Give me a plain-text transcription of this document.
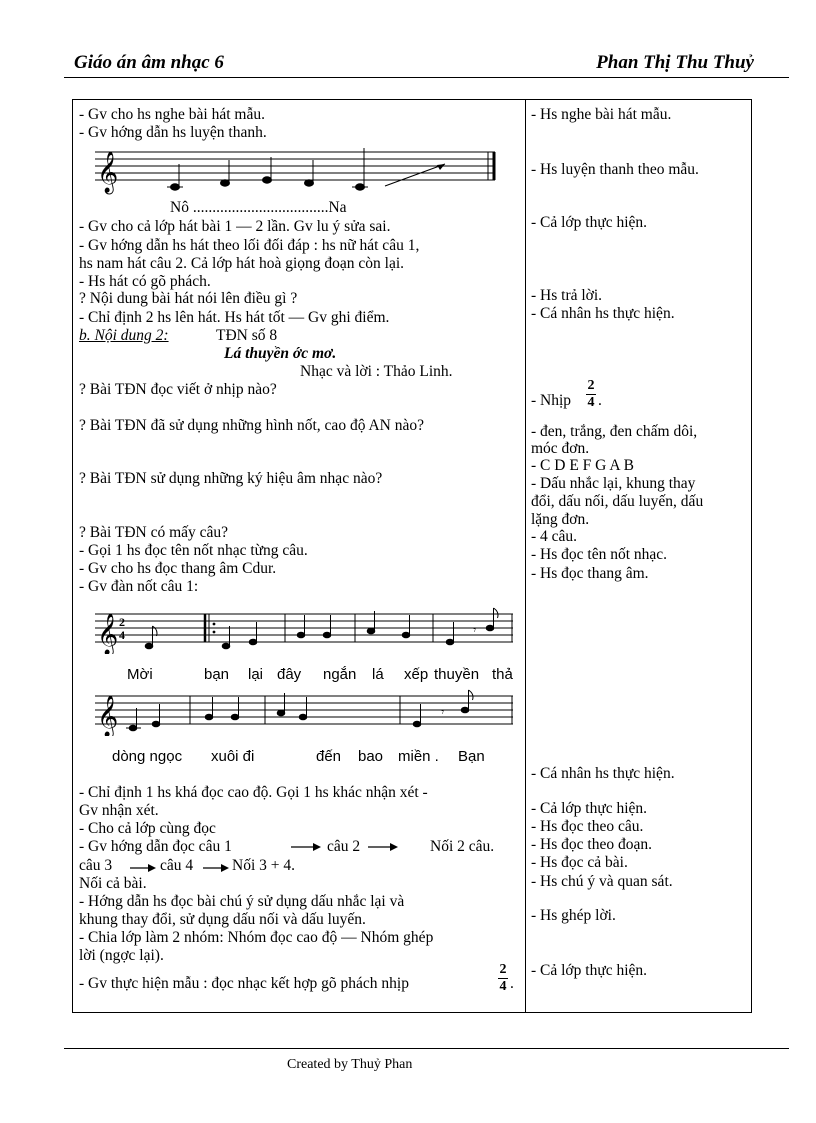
Giáo án âm nhạc 6	Phan Thị Thu Thuỷ
- Gv cho hs nghe bài hát mẫu.
- Gv hớng dẫn hs luyện thanh.
𝄞
Nô ...................................Na
- Gv cho cả lớp hát bài 1 — 2 lần. Gv lu ý sửa sai.
- Gv hớng dẫn hs hát theo lối đối đáp : hs nữ hát câu 1,
hs nam hát câu 2. Cả lớp hát hoà giọng đoạn còn lại.
- Hs hát có gõ phách.
? Nội dung bài hát nói lên điều gì ?
- Chỉ định 2 hs lên hát. Hs hát tốt — Gv ghi điểm.
b. Nội dung 2:	TĐN số 8
Lá thuyền ớc mơ.
Nhạc và lời : Thảo Linh.
? Bài TĐN đọc viết ở nhịp nào?
? Bài TĐN đã sử dụng những hình nốt, cao độ AN nào?
? Bài TĐN sử dụng những ký hiệu âm nhạc nào?
? Bài TĐN có mấy câu?
- Gọi 1 hs đọc tên nốt nhạc từng câu.
- Gv cho hs đọc thang âm Cdur.
- Gv đàn nốt câu 1:
𝄞 2
4	𝄾
Mời	bạn lại đây ngắn lá xếp thuyền thả
𝄞	𝄾
dòng ngọc xuôi đi	đến bao miền . Bạn
- Chỉ định 1 hs khá đọc cao độ. Gọi 1 hs khác nhận xét -
Gv nhận xét.
- Cho cả lớp cùng đọc
- Gv hớng dẫn đọc câu 1	câu 2	Nối 2 câu.
câu 3	câu 4	Nối 3 + 4.
Nối cả bài.
- Hớng dẫn hs đọc bài chú ý sử dụng dấu nhắc lại và
khung thay đổi, sử dụng dấu nối và dấu luyến.
- Chia lớp làm 2 nhóm: Nhóm đọc cao độ — Nhóm ghép
lời (ngợc lại).
- Gv thực hiện mẫu : đọc nhạc kết hợp gõ phách nhịp
2
4 .
- Hs nghe bài hát mẫu.
- Hs luyện thanh theo mẫu.
- Cả lớp thực hiện.
- Hs trả lời.
- Cá nhân hs thực hiện.
- Nhịp
2
4 .
- đen, trắng, đen chấm dôi,
móc đơn.
- C D E F G A B
- Dấu nhắc lại, khung thay
đổi, dấu nối, dấu luyến, dấu
lặng đơn.
- 4 câu.
- Hs đọc tên nốt nhạc.
- Hs đọc thang âm.
- Cá nhân hs thực hiện.
- Cả lớp thực hiện.
- Hs đọc theo câu.
- Hs đọc theo đoạn.
- Hs đọc cả bài.
- Hs chú ý và quan sát.
- Hs ghép lời.
- Cả lớp thực hiện.
Created by Thuỷ Phan
